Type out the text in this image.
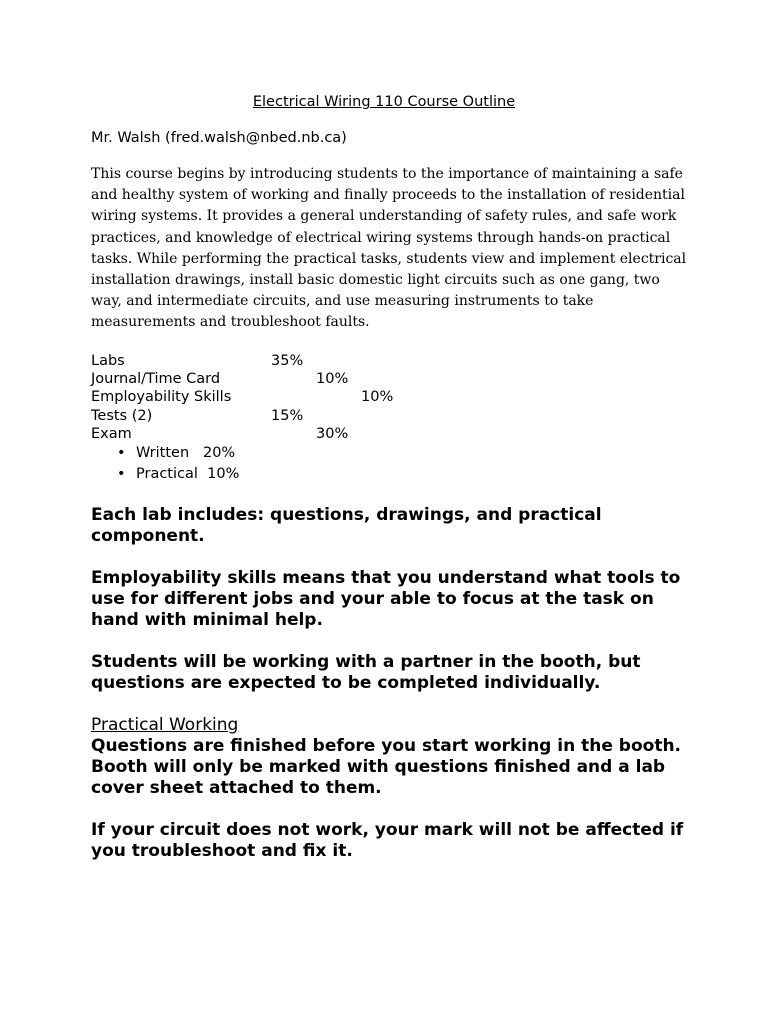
Electrical Wiring 110 Course Outline
Mr. Walsh (fred.walsh@nbed.nb.ca)
This course begins by introducing students to the importance of maintaining a safe and healthy system of working and finally proceeds to the installation of residential wiring systems. It provides a general understanding of safety rules, and safe work practices, and knowledge of electrical wiring systems through hands-on practical tasks. While performing the practical tasks, students view and implement electrical installation drawings, install basic domestic light circuits such as one gang, two way, and intermediate circuits, and use measuring instruments to take measurements and troubleshoot faults.
Labs	35%
Journal/Time Card	10%
Employability Skills	10%
Tests (2)	15%
Exam	30%
• Written   20%
• Practical  10%
Each lab includes: questions, drawings, and practical component.
Employability skills means that you understand what tools to use for different jobs and your able to focus at the task on hand with minimal help.
Students will be working with a partner in the booth, but questions are expected to be completed individually.
Practical Working
Questions are finished before you start working in the booth. Booth will only be marked with questions finished and a lab cover sheet attached to them.
If your circuit does not work, your mark will not be affected if you troubleshoot and fix it.
